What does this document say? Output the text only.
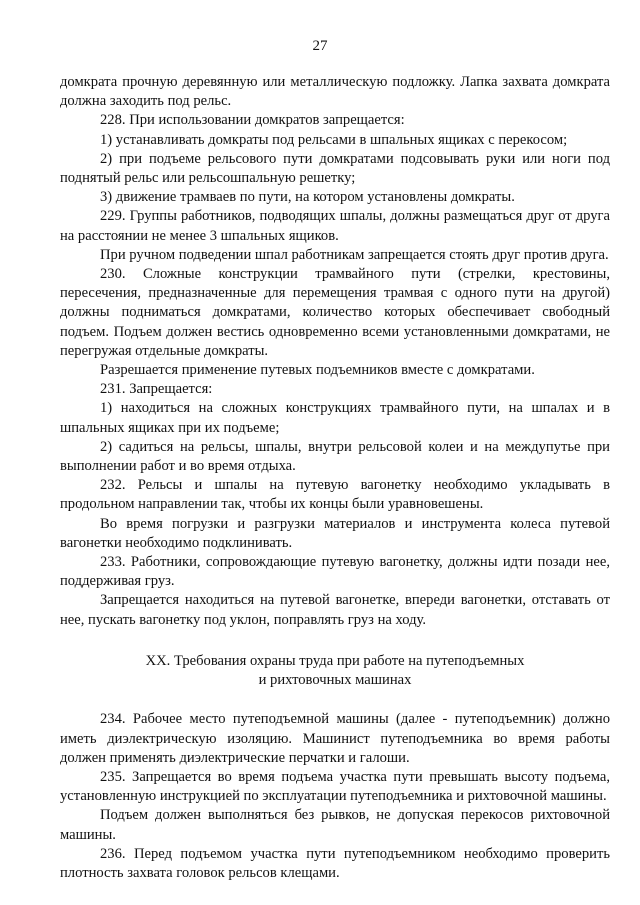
27

домкрата прочную деревянную или металлическую подложку. Лапка захвата домкрата должна заходить под рельс.

228. При использовании домкратов запрещается:

1) устанавливать домкраты под рельсами в шпальных ящиках с перекосом;

2) при подъеме рельсового пути домкратами подсовывать руки или ноги под поднятый рельс или рельсошпальную решетку;

3) движение трамваев по пути, на котором установлены домкраты.

229. Группы работников, подводящих шпалы, должны размещаться друг от друга на расстоянии не менее 3 шпальных ящиков.

При ручном подведении шпал работникам запрещается стоять друг против друга.

230. Сложные конструкции трамвайного пути (стрелки, крестовины, пересечения, предназначенные для перемещения трамвая с одного пути на другой) должны подниматься домкратами, количество которых обеспечивает свободный подъем. Подъем должен вестись одновременно всеми установленными домкратами, не перегружая отдельные домкраты.

Разрешается применение путевых подъемников вместе с домкратами.

231. Запрещается:

1) находиться на сложных конструкциях трамвайного пути, на шпалах и в шпальных ящиках при их подъеме;

2) садиться на рельсы, шпалы, внутри рельсовой колеи и на междупутье при выполнении работ и во время отдыха.

232. Рельсы и шпалы на путевую вагонетку необходимо укладывать в продольном направлении так, чтобы их концы были уравновешены.

Во время погрузки и разгрузки материалов и инструмента колеса путевой вагонетки необходимо подклинивать.

233. Работники, сопровождающие путевую вагонетку, должны идти позади нее, поддерживая груз.

Запрещается находиться на путевой вагонетке, впереди вагонетки, отставать от нее, пускать вагонетку под уклон, поправлять груз на ходу.

XX. Требования охраны труда при работе на путеподъемных
и рихтовочных машинах

234. Рабочее место путеподъемной машины (далее - путеподъемник) должно иметь диэлектрическую изоляцию. Машинист путеподъемника во время работы должен применять диэлектрические перчатки и галоши.

235. Запрещается во время подъема участка пути превышать высоту подъема, установленную инструкцией по эксплуатации путеподъемника и рихтовочной машины.

Подъем должен выполняться без рывков, не допуская перекосов рихтовочной машины.

236. Перед подъемом участка пути путеподъемником необходимо проверить плотность захвата головок рельсов клещами.
